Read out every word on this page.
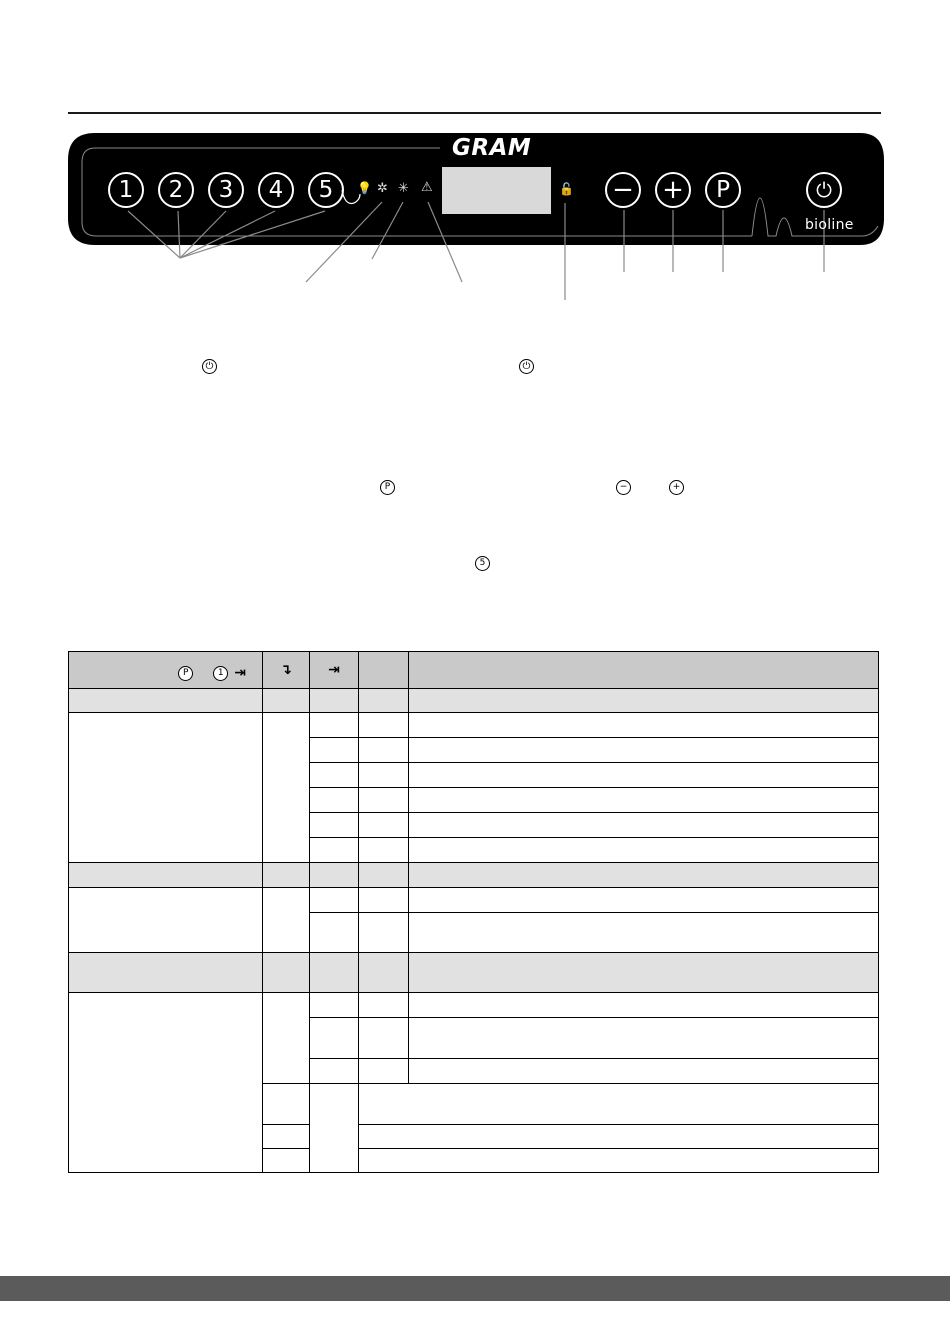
GRAM
bioline
1	2	3	4	5	💡 ✲ ✳ ⚠	🔓 − +	P	⏻
⏻	⏻
P	−	+
5
P 1 ⇥	↴	⇥		
